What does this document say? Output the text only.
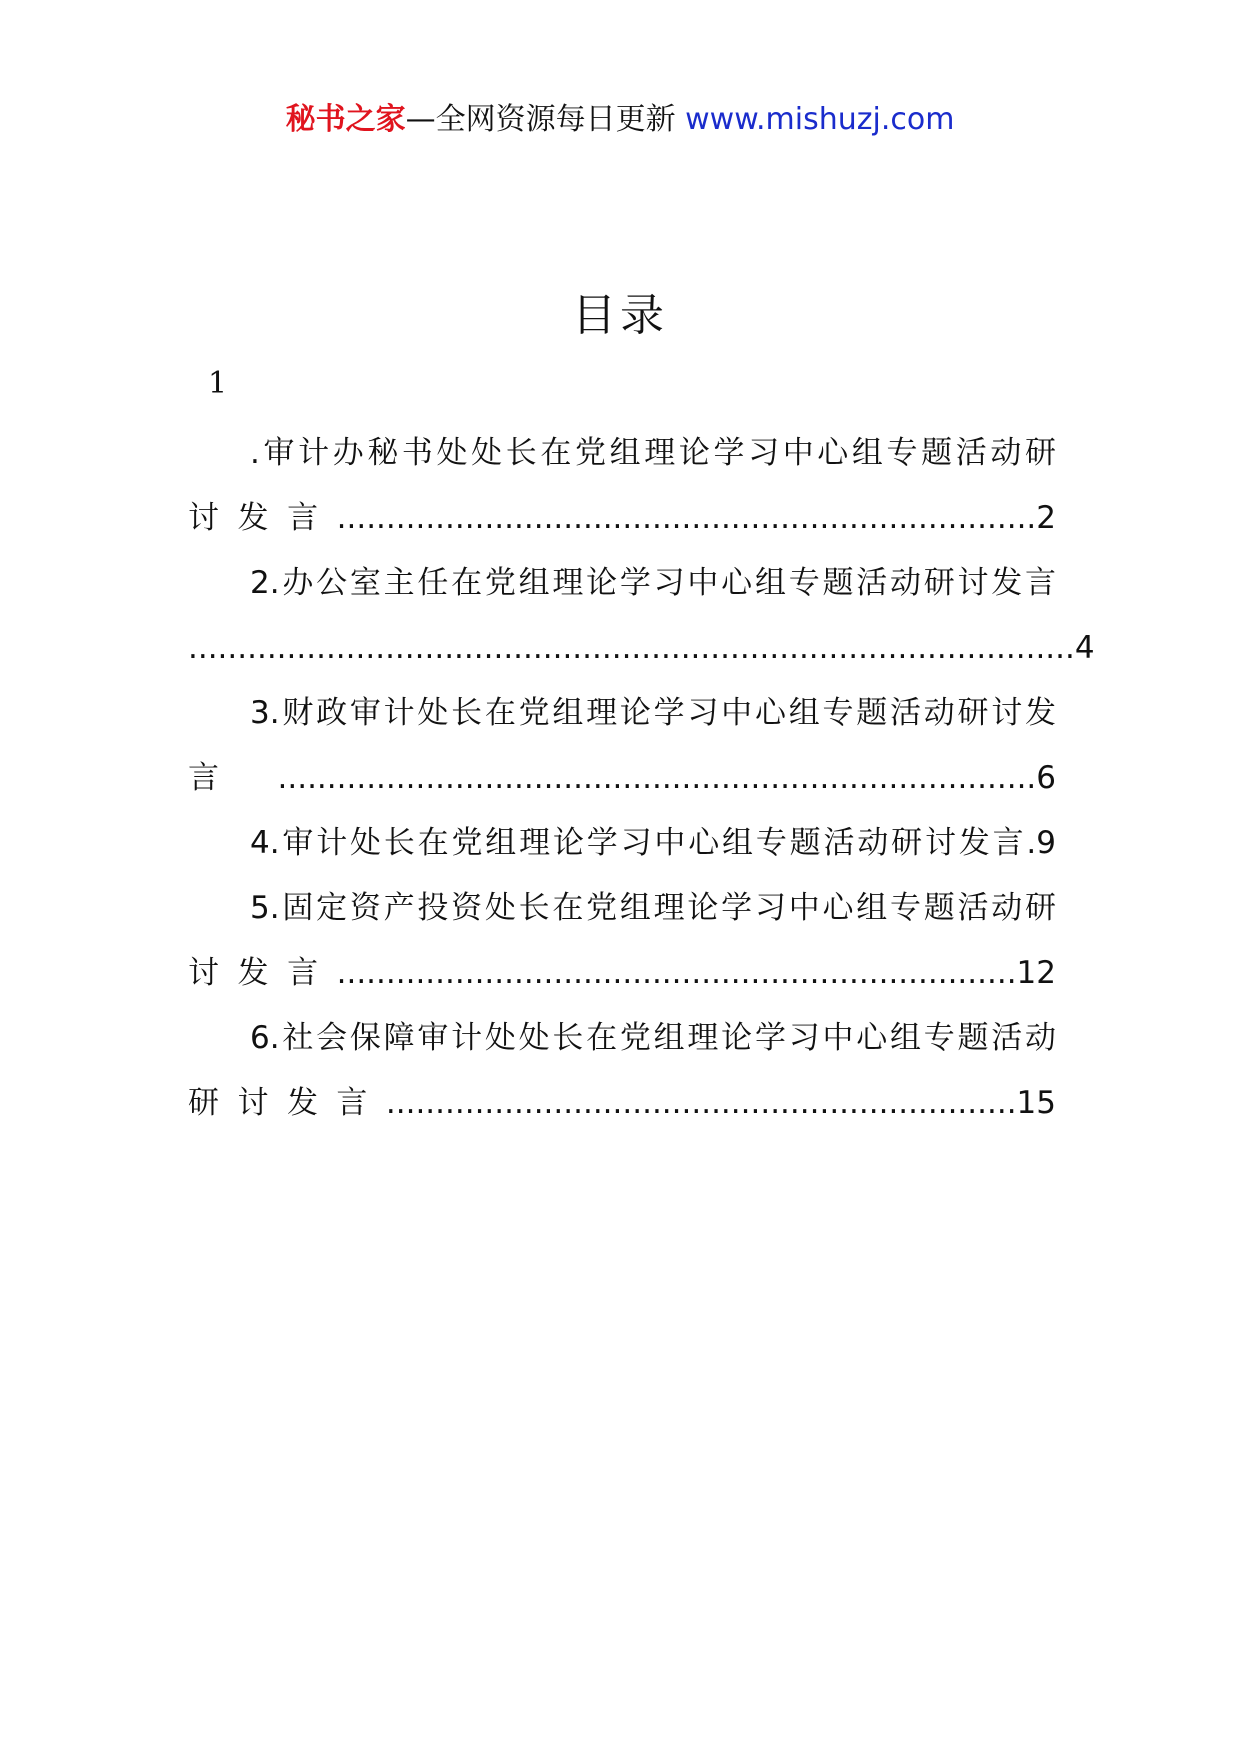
秘书之家—全网资源每日更新 www.mishuzj.com
目录
1

.审计办秘书处处长在党组理论学习中心组专题活动研
讨发言.......................................................................2

2.办公室主任在党组理论学习中心组专题活动研讨发言
..........................................................................................4

3.财政审计处长在党组理论学习中心组专题活动研讨发
言.............................................................................6

4.审计处长在党组理论学习中心组专题活动研讨发言.9

5.固定资产投资处长在党组理论学习中心组专题活动研
讨发言.....................................................................12

6.社会保障审计处处长在党组理论学习中心组专题活动
研讨发言................................................................15
